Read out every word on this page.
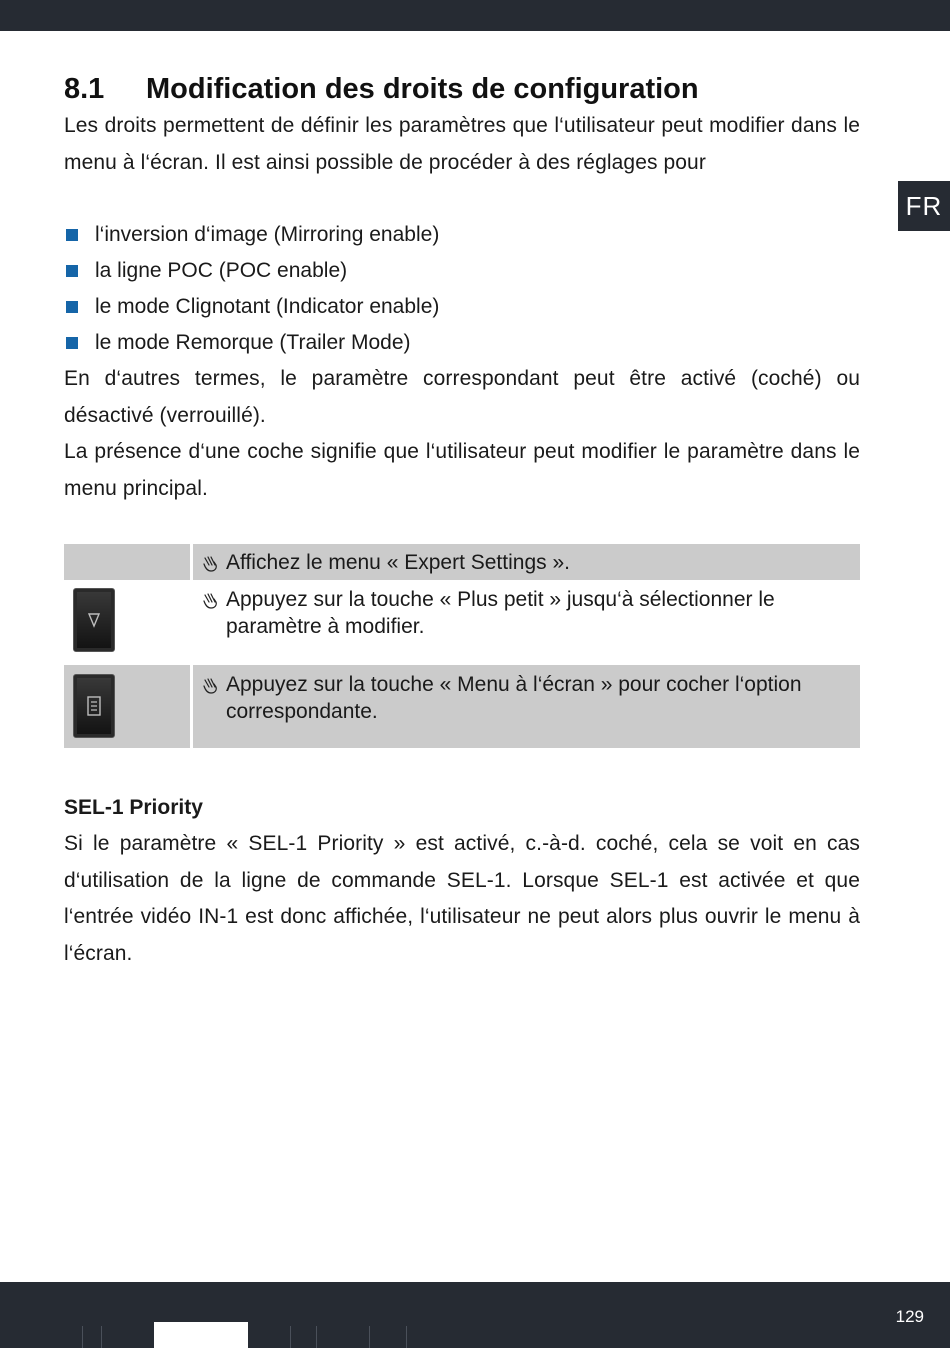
FR
8.1	Modification des droits de configuration

Les droits permettent de définir les paramètres que l‘utilisateur peut modifier dans le menu à l‘écran. Il est ainsi possible de procéder à des réglages pour

l‘inversion d‘image (Mirroring enable)
la ligne POC (POC enable)
le mode Clignotant (Indicator enable)
le mode Remorque (Trailer Mode)

En d‘autres termes, le paramètre correspondant peut être activé (coché) ou désactivé (verrouillé).

La présence d‘une coche signifie que l‘utilisateur peut modifier le paramètre dans le menu principal.

	Affichez le menu « Expert Settings ».

Appuyez sur la touche « Plus petit » jusqu‘à sélectionner le paramètre à modifier.

Appuyez sur la touche « Menu à l‘écran » pour cocher l‘option correspondante.
SEL-1 Priority

Si le paramètre « SEL-1 Priority » est activé, c.-à-d. coché, cela se voit en cas d‘utilisation de la ligne de commande SEL-1. Lorsque SEL-1 est activée et que l‘entrée vidéo IN-1 est donc affichée, l‘utilisateur ne peut alors plus ouvrir le menu à l‘écran.

129
